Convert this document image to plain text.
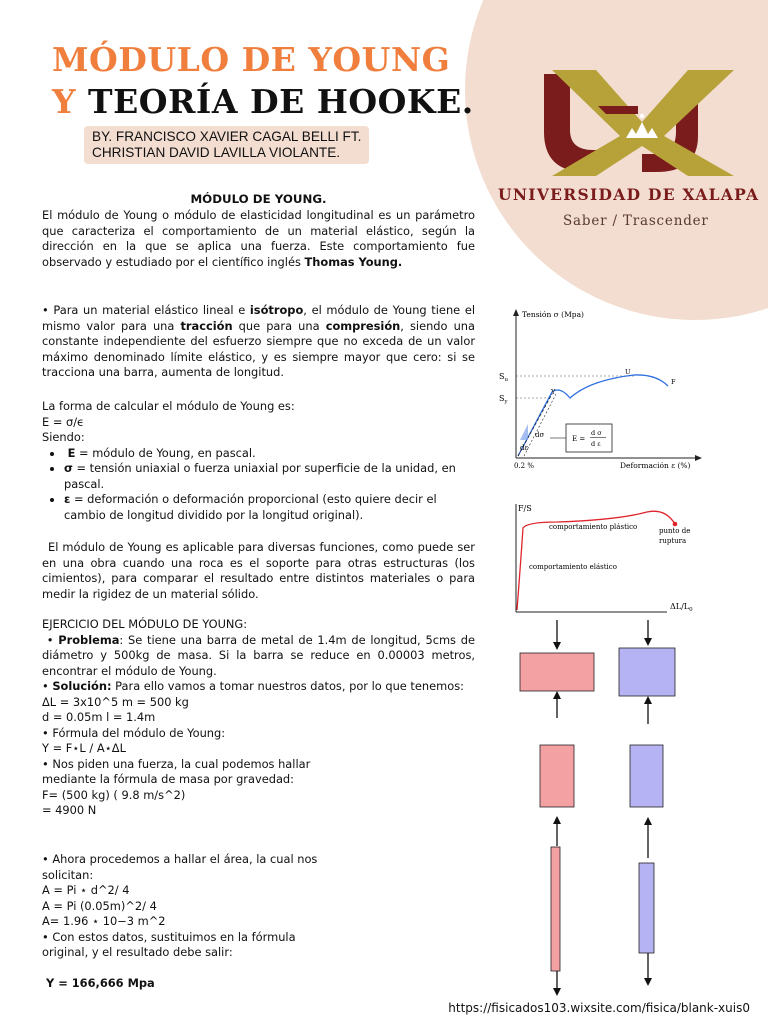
MÓDULO DE YOUNG
Y TEORÍA DE HOOKE.
BY. FRANCISCO XAVIER CAGAL BELLI FT.
CHRISTIAN DAVID LAVILLA VIOLANTE.
UNIVERSIDAD DE XALAPA
Saber / Trascender
MÓDULO DE YOUNG.
El módulo de Young o módulo de elasticidad longitudinal es un parámetro que caracteriza el comportamiento de un material elástico, según la dirección en la que se aplica una fuerza. Este comportamiento fue observado y estudiado por el científico inglés Thomas Young.
• Para un material elástico lineal e isótropo, el módulo de Young tiene el mismo valor para una tracción que para una compresión, siendo una constante independiente del esfuerzo siempre que no exceda de un valor máximo denominado límite elástico, y es siempre mayor que cero: si se tracciona una barra, aumenta de longitud.
La forma de calcular el módulo de Young es:
E = σ/ϵ
Siendo:
• E = módulo de Young, en pascal.
• σ = tensión uniaxial o fuerza uniaxial por superficie de la unidad, en pascal.
• ε = deformación o deformación proporcional (esto quiere decir el cambio de longitud dividido por la longitud original).
El módulo de Young es aplicable para diversas funciones, como puede ser en una obra cuando una roca es el soporte para otras estructuras (los cimientos), para comparar el resultado entre distintos materiales o para medir la rigidez de un material sólido.
EJERCICIO DEL MÓDULO DE YOUNG:
• Problema: Se tiene una barra de metal de 1.4m de longitud, 5cms de diámetro y 500kg de masa. Si la barra se reduce en 0.00003 metros, encontrar el módulo de Young.
• Solución: Para ello vamos a tomar nuestros datos, por lo que tenemos:
ΔL = 3x10^5 m = 500 kg
d = 0.05m l = 1.4m
• Fórmula del módulo de Young:
Y = F⋆L / A⋆ΔL
• Nos piden una fuerza, la cual podemos hallar
mediante la fórmula de masa por gravedad:
F= (500 kg) ( 9.8 m/s^2)
= 4900 N
• Ahora procedemos a hallar el área, la cual nos
solicitan:
A = Pi ⋆ d^2/ 4
A = Pi (0.05m)^2/ 4
A= 1.96 ⋆ 10−3 m^2
• Con estos datos, sustituimos en la fórmula
original, y el resultado debe salir:
Y = 166,666 Mpa
Tensión σ (Mpa)
Deformación ε (%)
$S_u$
$S_y$
Y
U
F
dσ
dε
0.2 %
E =
d σ
d ε
F/S
$\Delta L/L_0$
comportamiento plástico	punto de
ruptura
comportamiento elástico
https://fisicados103.wixsite.com/fisica/blank-xuis0
